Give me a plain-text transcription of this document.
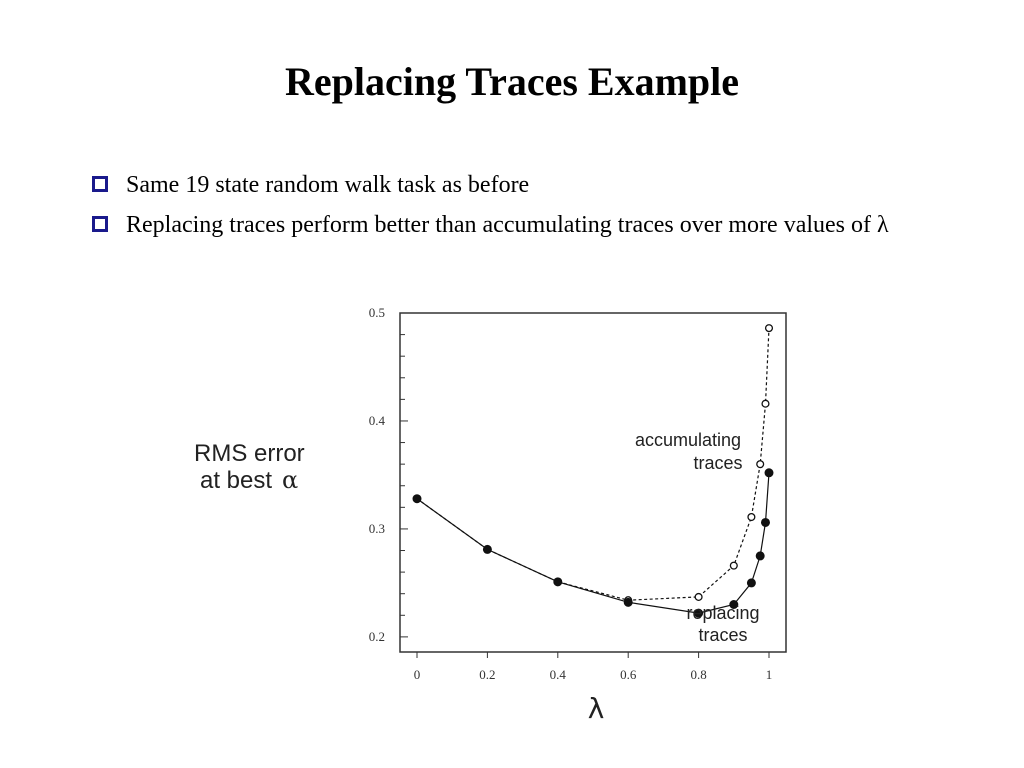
Replacing Traces Example
Same 19 state random walk task as before
Replacing traces perform better than accumulating traces over more values of λ
RMS error
at best α
0.2
0.3
0.4
0.5
0	0.2	0.4	0.6	0.8	1
λ
accumulating
traces
replacing
traces
